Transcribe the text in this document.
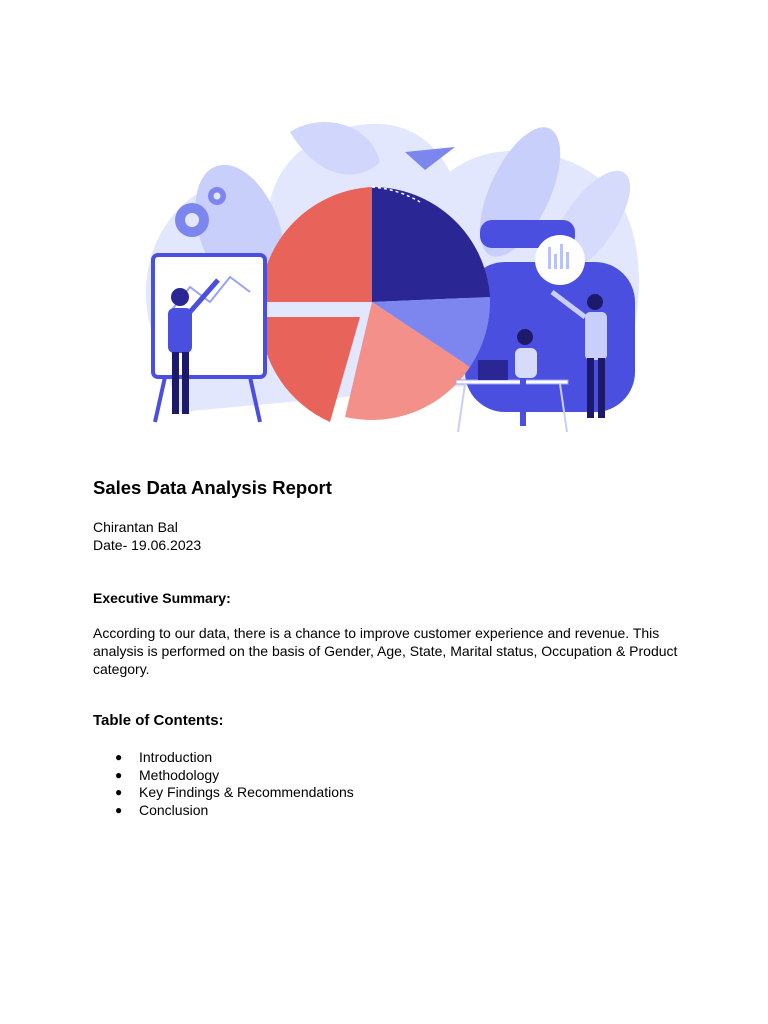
Sales Data Analysis Report
Chirantan Bal
Date- 19.06.2023
Executive Summary:
According to our data, there is a chance to improve customer experience and revenue. This analysis is performed on the basis of Gender, Age, State, Marital status, Occupation & Product category.
Table of Contents:
● Introduction
● Methodology
● Key Findings & Recommendations
● Conclusion
